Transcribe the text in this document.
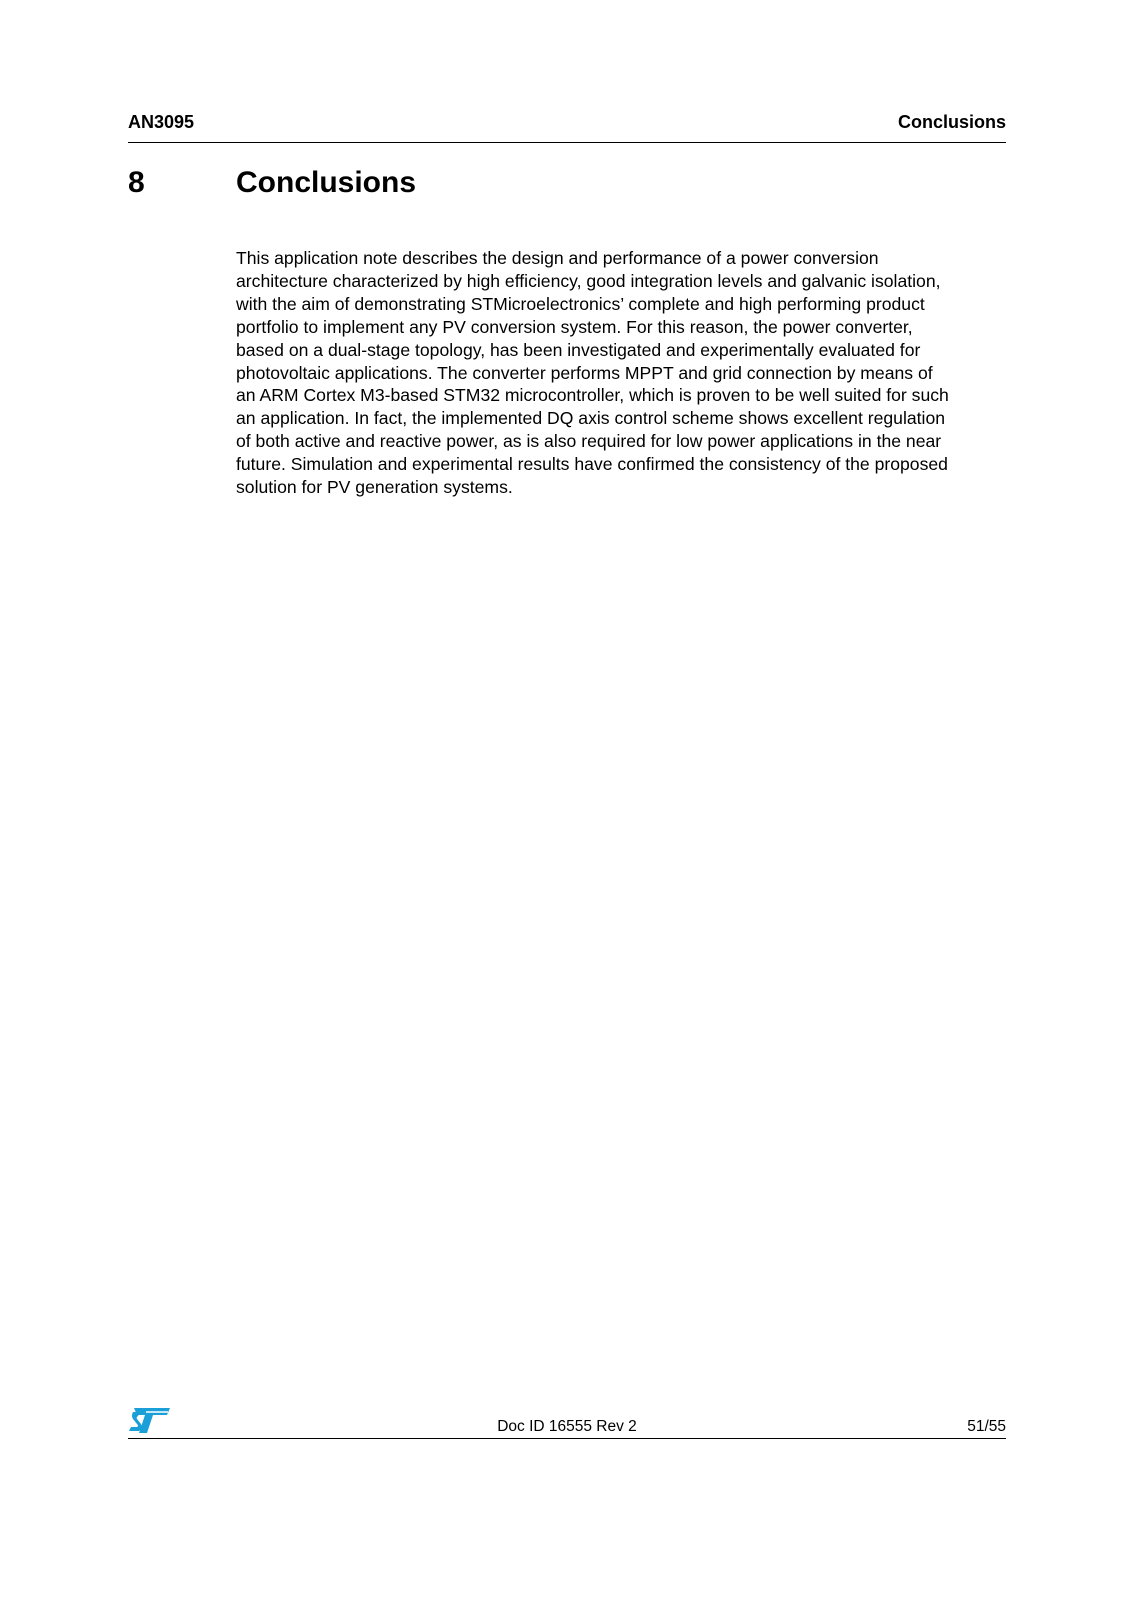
AN3095	Conclusions
8	Conclusions

This application note describes the design and performance of a power conversion
architecture characterized by high efficiency, good integration levels and galvanic isolation,
with the aim of demonstrating STMicroelectronics’ complete and high performing product
portfolio to implement any PV conversion system. For this reason, the power converter,
based on a dual-stage topology, has been investigated and experimentally evaluated for
photovoltaic applications. The converter performs MPPT and grid connection by means of
an ARM Cortex M3-based STM32 microcontroller, which is proven to be well suited for such
an application. In fact, the implemented DQ axis control scheme shows excellent regulation
of both active and reactive power, as is also required for low power applications in the near
future. Simulation and experimental results have confirmed the consistency of the proposed
solution for PV generation systems.

Doc ID 16555 Rev 2	51/55
